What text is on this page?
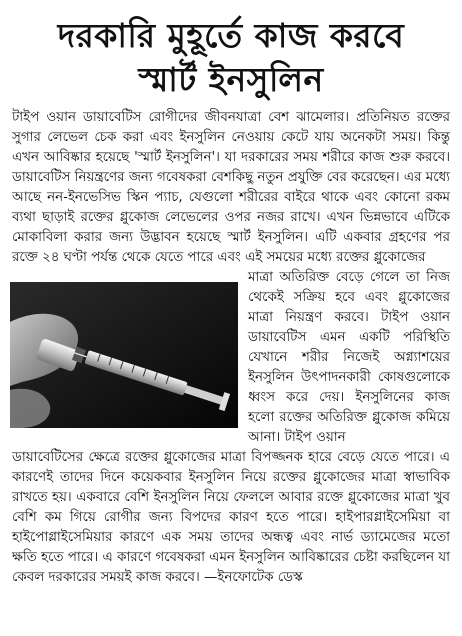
দরকারি মুহূর্তে কাজ করবে
স্মার্ট ইনসুলিন
টাইপ ওয়ান ডায়াবেটিস রোগীদের জীবনযাত্রা বেশ ঝামেলার। প্রতিনিয়ত রক্তের সুগার লেভেল চেক করা এবং ইনসুলিন নেওয়ায় কেটে যায় অনেকটা সময়। কিন্তু এখন আবিষ্কার হয়েছে 'স্মার্ট ইনসুলিন'। যা দরকারের সময় শরীরে কাজ শুরু করবে। ডায়াবেটিস নিয়ন্ত্রণের জন্য গবেষকরা বেশকিছু নতুন প্রযুক্তি বের করেছেন। এর মধ্যে আছে নন-ইনভেসিভ স্কিন প্যাচ, যেগুলো শরীরের বাইরে থাকে এবং কোনো রকম ব্যথা ছাড়াই রক্তের গ্লুকোজ লেভেলের ওপর নজর রাখে। এখন ভিন্নভাবে এটিকে মোকাবিলা করার জন্য উদ্ভাবন হয়েছে স্মার্ট ইনসুলিন। এটি একবার গ্রহণের পর রক্তে ২৪ ঘণ্টা পর্যন্ত থেকে যেতে পারে এবং এই সময়ের মধ্যে রক্তের গ্লুকোজের
মাত্রা অতিরিক্ত বেড়ে গেলে তা নিজ থেকেই সক্রিয় হবে এবং গ্লুকোজের মাত্রা নিয়ন্ত্রণ করবে। টাইপ ওয়ান ডায়াবেটিস এমন একটি পরিস্থিতি যেখানে শরীর নিজেই অগ্ন্যাশয়ের ইনসুলিন উৎপাদনকারী কোষগুলোকে ধ্বংস করে দেয়। ইনসুলিনের কাজ হলো রক্তের অতিরিক্ত গ্লুকোজ কমিয়ে আনা। টাইপ ওয়ান
ডায়াবেটিসের ক্ষেত্রে রক্তের গ্লুকোজের মাত্রা বিপজ্জনক হারে বেড়ে যেতে পারে। এ কারণেই তাদের দিনে কয়েকবার ইনসুলিন নিয়ে রক্তের গ্লুকোজের মাত্রা স্বাভাবিক রাখতে হয়। একবারে বেশি ইনসুলিন নিয়ে ফেললে আবার রক্তে গ্লুকোজের মাত্রা খুব বেশি কম গিয়ে রোগীর জন্য বিপদের কারণ হতে পারে। হাইপারগ্লাইসেমিয়া বা হাইপোগ্লাইসেমিয়ার কারণে এক সময় তাদের অন্ধত্ব এবং নার্ভ ড্যামেজের মতো ক্ষতি হতে পারে। এ কারণে গবেষকরা এমন ইনসুলিন আবিষ্কারের চেষ্টা করছিলেন যা কেবল দরকারের সময়ই কাজ করবে। —ইনফোটেক ডেস্ক
